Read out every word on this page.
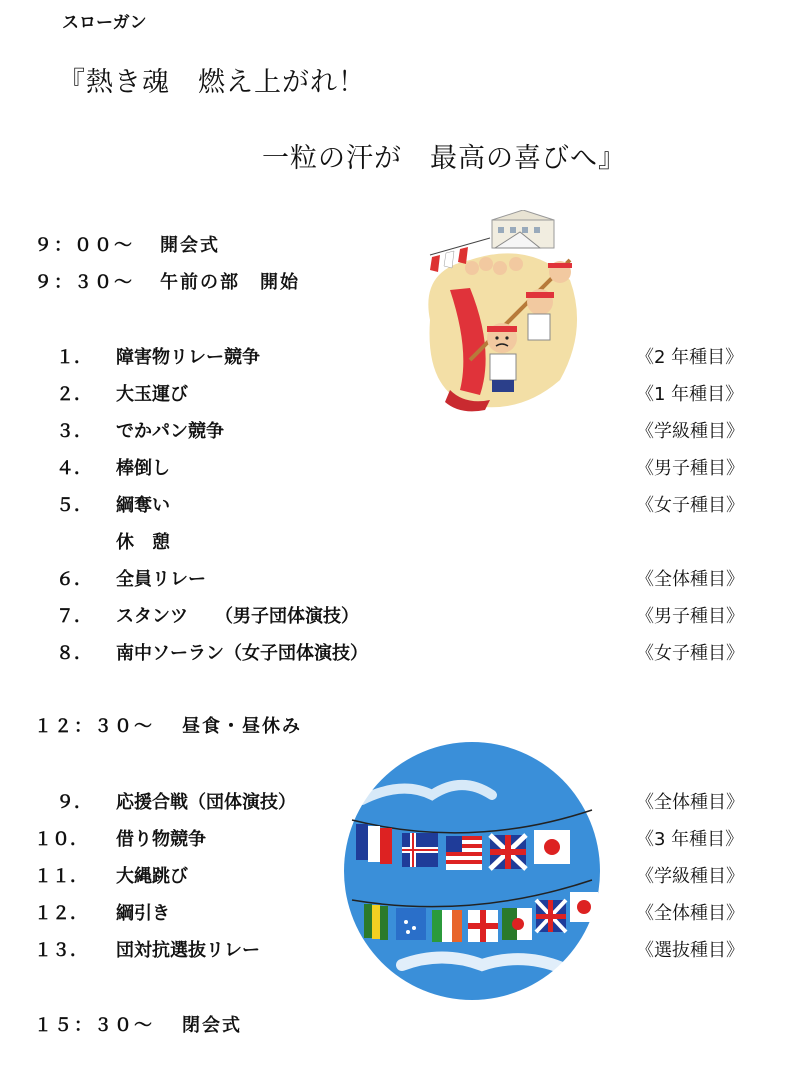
スローガン
『熱き魂　燃え上がれ！
一粒の汗が　最高の喜びへ』
９：００～ 開会式
９：３０～ 午前の部　開始
１． 障害物リレー競争	《2 年種目》
２． 大玉運び	《1 年種目》
３． でかパン競争	《学級種目》
４． 棒倒し	《男子種目》
５． 綱奪い	《女子種目》
休　憩
６． 全員リレー	《全体種目》
７． スタンツ　　（男子団体演技）	《男子種目》
８． 南中ソーラン（女子団体演技）	《女子種目》
１２：３０～ 昼食・昼休み
９． 応援合戦（団体演技）	《全体種目》
１０． 借り物競争	《3 年種目》
１１． 大縄跳び	《学級種目》
１２． 綱引き	《全体種目》
１３． 団対抗選抜リレー	《選抜種目》
１５：３０～ 閉会式
